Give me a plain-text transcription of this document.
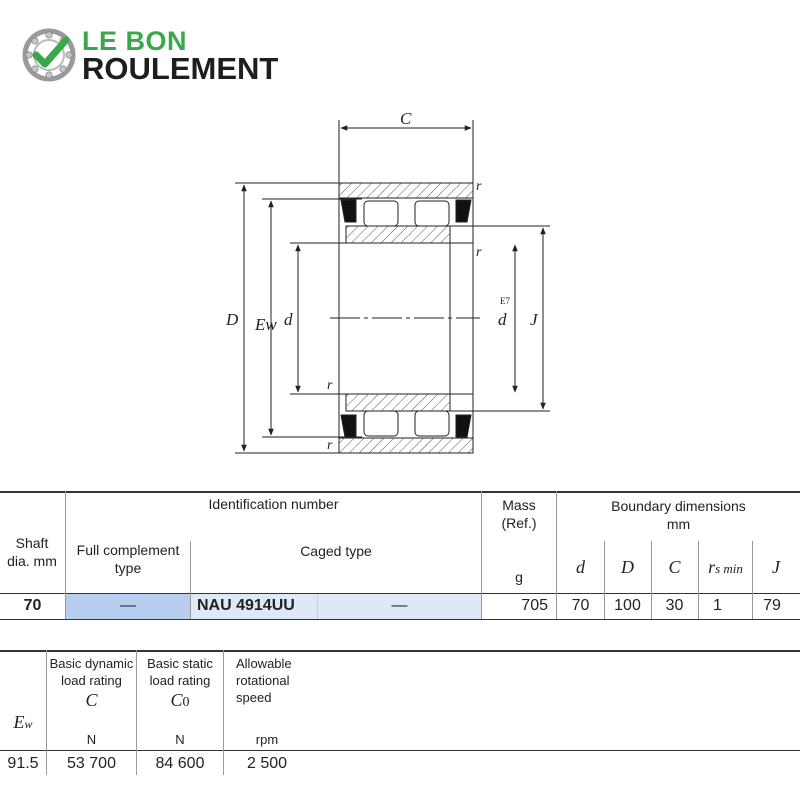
LE BON
ROULEMENT
C
D Ew d	d
E7
J
r
r
r
r
Shaft dia. mm
Identification number
Full complement type
Caged type
Mass (Ref.)
g
Boundary dimensions
mm
d	D	C	rs min	J
70	—	NAU 4914UU	—	705	70	100	30	1	79
Ew
Basic dynamic load rating
C
N
Basic static load rating
C0
N
Allowable rotational speed
rpm
91.5	53 700	84 600	2 500
